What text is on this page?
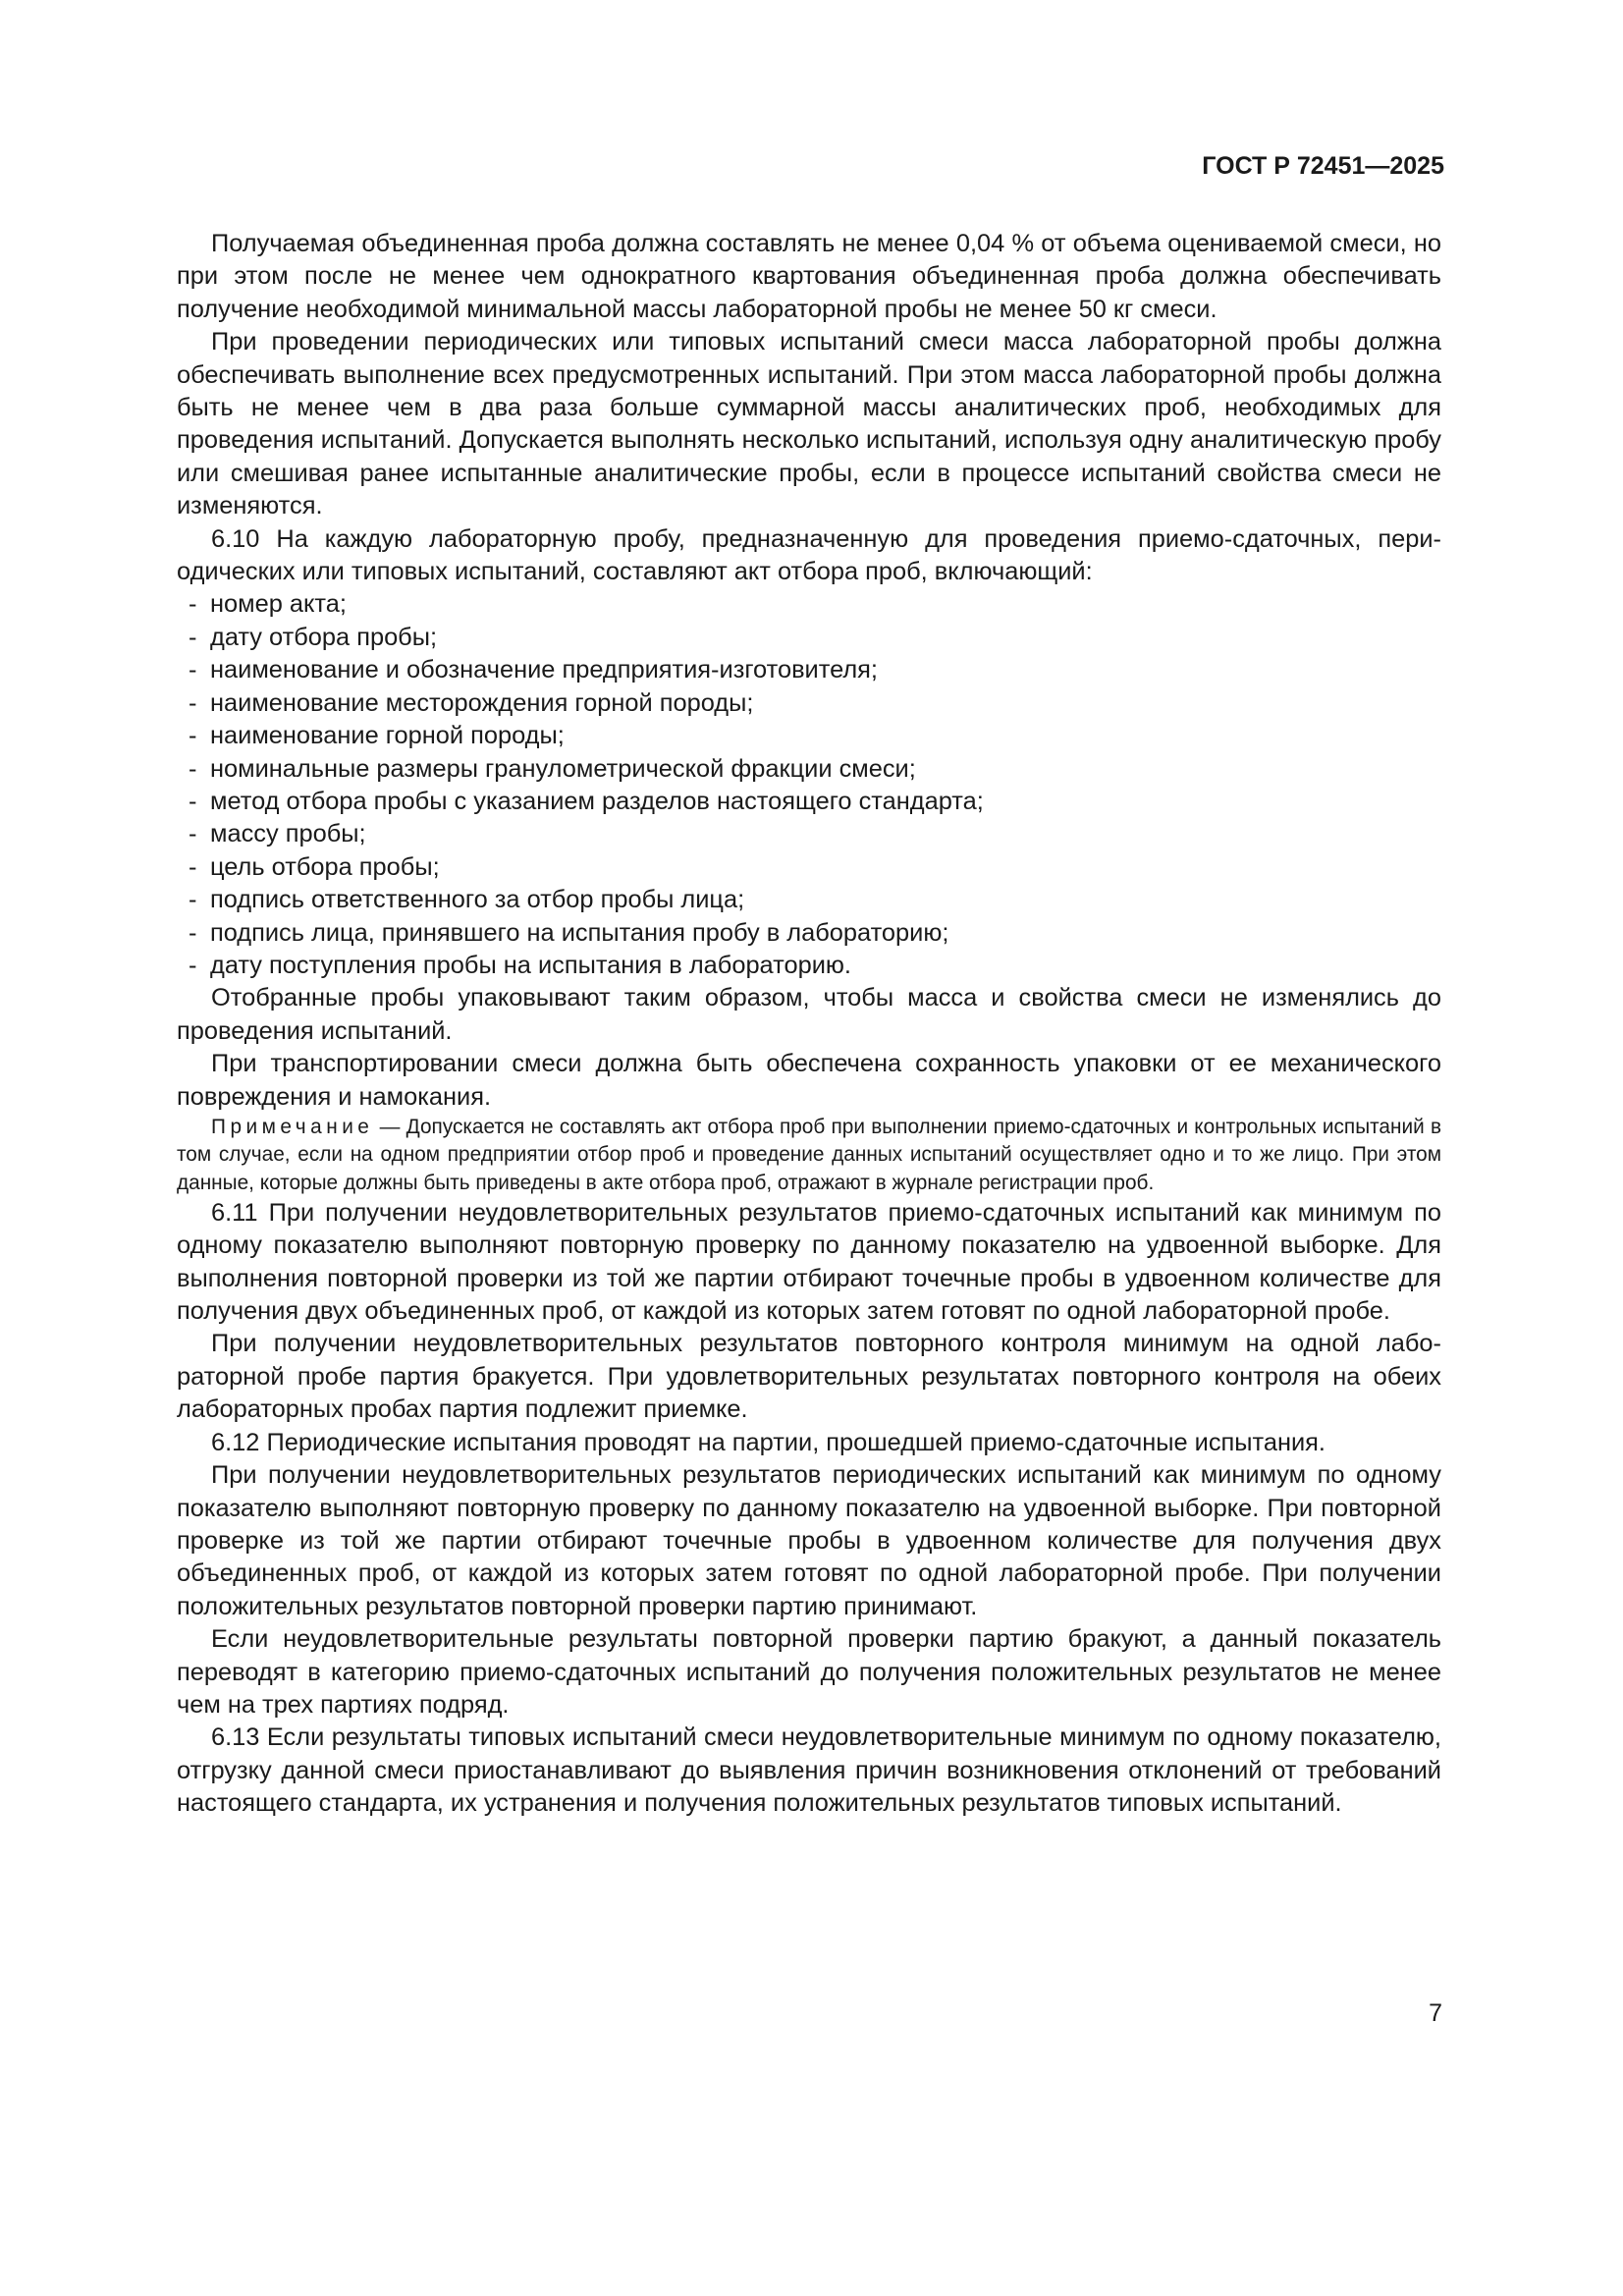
ГОСТ Р 72451—2025

Получаемая объединенная проба должна составлять не менее 0,04 % от объема оцениваемой смеси, но при этом после не менее чем однократного квартования объединенная проба должна обеспечивать получение необходимой минимальной массы лабораторной пробы не менее 50 кг смеси.

При проведении периодических или типовых испытаний смеси масса лабораторной пробы должна обеспечивать выполнение всех предусмотренных испытаний. При этом масса лабораторной пробы должна быть не менее чем в два раза больше суммарной массы аналитических проб, необходимых для проведения испытаний. Допускается выполнять несколько испытаний, используя одну аналитическую пробу или смешивая ранее испытанные аналитические пробы, если в процессе испытаний свойства смеси не изменяются.

6.10 На каждую лабораторную пробу, предназначенную для проведения приемо-сдаточных, периодических или типовых испытаний, составляют акт отбора проб, включающий:

- номер акта;
- дату отбора пробы;
- наименование и обозначение предприятия-изготовителя;
- наименование месторождения горной породы;
- наименование горной породы;
- номинальные размеры гранулометрической фракции смеси;
- метод отбора пробы с указанием разделов настоящего стандарта;
- массу пробы;
- цель отбора пробы;
- подпись ответственного за отбор пробы лица;
- подпись лица, принявшего на испытания пробу в лабораторию;
- дату поступления пробы на испытания в лабораторию.

Отобранные пробы упаковывают таким образом, чтобы масса и свойства смеси не изменялись до проведения испытаний.

При транспортировании смеси должна быть обеспечена сохранность упаковки от ее механического повреждения и намокания.

Примечание — Допускается не составлять акт отбора проб при выполнении приемо-сдаточных и контрольных испытаний в том случае, если на одном предприятии отбор проб и проведение данных испытаний осуществляет одно и то же лицо. При этом данные, которые должны быть приведены в акте отбора проб, отражают в журнале регистрации проб.

6.11 При получении неудовлетворительных результатов приемо-сдаточных испытаний как минимум по одному показателю выполняют повторную проверку по данному показателю на удвоенной выборке. Для выполнения повторной проверки из той же партии отбирают точечные пробы в удвоенном количестве для получения двух объединенных проб, от каждой из которых затем готовят по одной лабораторной пробе.

При получении неудовлетворительных результатов повторного контроля минимум на одной лабораторной пробе партия бракуется. При удовлетворительных результатах повторного контроля на обеих лабораторных пробах партия подлежит приемке.

6.12 Периодические испытания проводят на партии, прошедшей приемо-сдаточные испытания.

При получении неудовлетворительных результатов периодических испытаний как минимум по одному показателю выполняют повторную проверку по данному показателю на удвоенной выборке. При повторной проверке из той же партии отбирают точечные пробы в удвоенном количестве для получения двух объединенных проб, от каждой из которых затем готовят по одной лабораторной пробе. При получении положительных результатов повторной проверки партию принимают.

Если неудовлетворительные результаты повторной проверки партию бракуют, а данный показатель переводят в категорию приемо-сдаточных испытаний до получения положительных результатов не менее чем на трех партиях подряд.

6.13 Если результаты типовых испытаний смеси неудовлетворительные минимум по одному показателю, отгрузку данной смеси приостанавливают до выявления причин возникновения отклонений от требований настоящего стандарта, их устранения и получения положительных результатов типовых испытаний.

7
